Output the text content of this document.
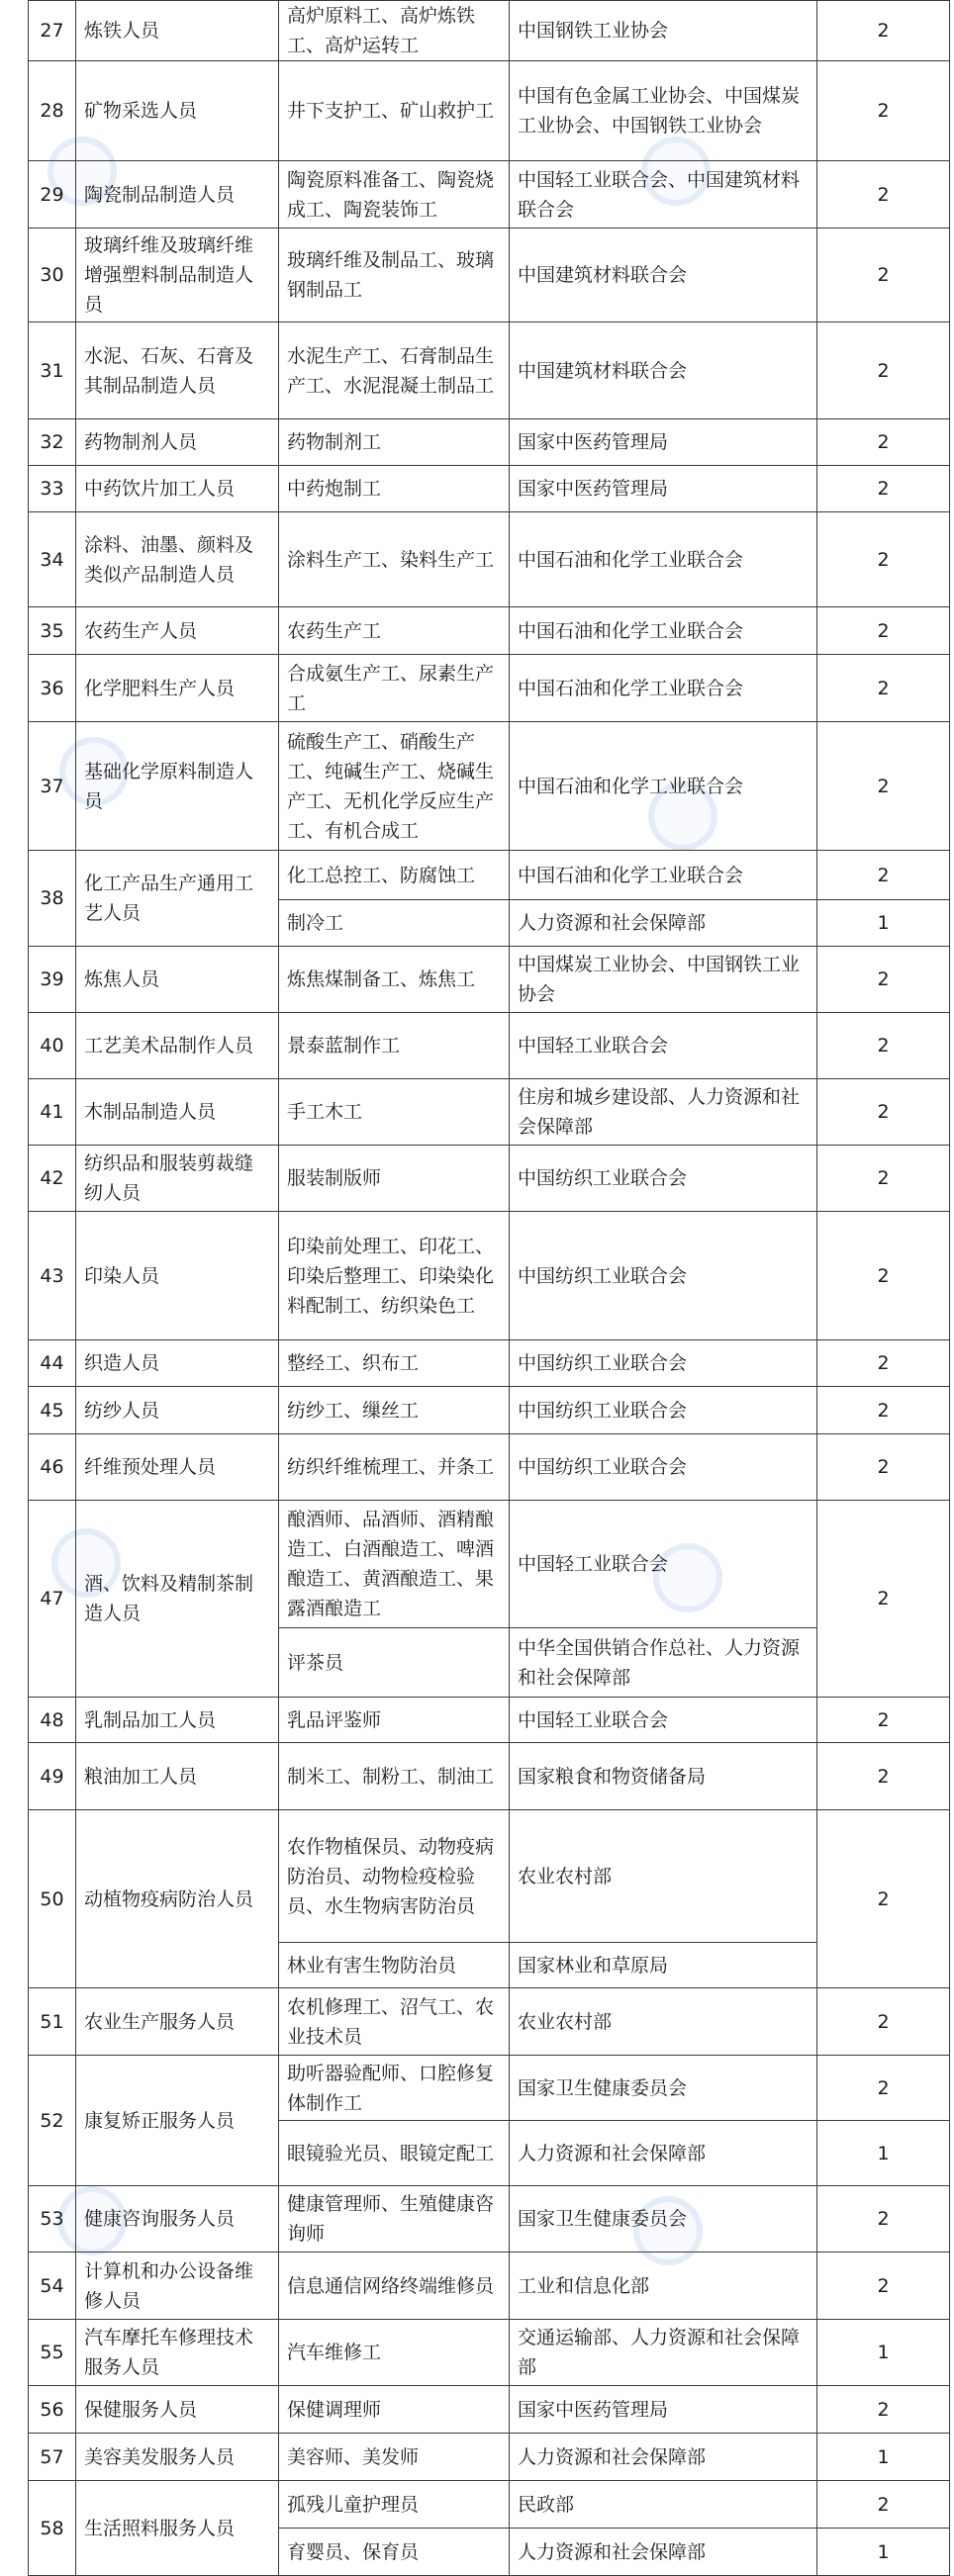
27	炼铁人员	高炉原料工、高炉炼铁工、高炉运转工	中国钢铁工业协会	2
28	矿物采选人员	井下支护工、矿山救护工	中国有色金属工业协会、中国煤炭工业协会、中国钢铁工业协会	2
29	陶瓷制品制造人员	陶瓷原料准备工、陶瓷烧成工、陶瓷装饰工	中国轻工业联合会、中国建筑材料联合会	2
30	玻璃纤维及玻璃纤维增强塑料制品制造人员	玻璃纤维及制品工、玻璃钢制品工	中国建筑材料联合会	2
31	水泥、石灰、石膏及其制品制造人员	水泥生产工、石膏制品生产工、水泥混凝土制品工	中国建筑材料联合会	2
32	药物制剂人员	药物制剂工	国家中医药管理局	2
33	中药饮片加工人员	中药炮制工	国家中医药管理局	2
34	涂料、油墨、颜料及类似产品制造人员	涂料生产工、染料生产工	中国石油和化学工业联合会	2
35	农药生产人员	农药生产工	中国石油和化学工业联合会	2
36	化学肥料生产人员	合成氨生产工、尿素生产工	中国石油和化学工业联合会	2
37	基础化学原料制造人员	硫酸生产工、硝酸生产工、纯碱生产工、烧碱生产工、无机化学反应生产工、有机合成工	中国石油和化学工业联合会	2
38	化工产品生产通用工艺人员	化工总控工、防腐蚀工	中国石油和化学工业联合会	2
		制冷工	人力资源和社会保障部	1
39	炼焦人员	炼焦煤制备工、炼焦工	中国煤炭工业协会、中国钢铁工业协会	2
40	工艺美术品制作人员	景泰蓝制作工	中国轻工业联合会	2
41	木制品制造人员	手工木工	住房和城乡建设部、人力资源和社会保障部	2
42	纺织品和服装剪裁缝纫人员	服装制版师	中国纺织工业联合会	2
43	印染人员	印染前处理工、印花工、印染后整理工、印染染化料配制工、纺织染色工	中国纺织工业联合会	2
44	织造人员	整经工、织布工	中国纺织工业联合会	2
45	纺纱人员	纺纱工、缫丝工	中国纺织工业联合会	2
46	纤维预处理人员	纺织纤维梳理工、并条工	中国纺织工业联合会	2
47	酒、饮料及精制茶制造人员	酿酒师、品酒师、酒精酿造工、白酒酿造工、啤酒酿造工、黄酒酿造工、果露酒酿造工	中国轻工业联合会	2
		评茶员	中华全国供销合作总社、人力资源和社会保障部	
48	乳制品加工人员	乳品评鉴师	中国轻工业联合会	2
49	粮油加工人员	制米工、制粉工、制油工	国家粮食和物资储备局	2
50	动植物疫病防治人员	农作物植保员、动物疫病防治员、动物检疫检验员、水生物病害防治员	农业农村部	2
		林业有害生物防治员	国家林业和草原局	
51	农业生产服务人员	农机修理工、沼气工、农业技术员	农业农村部	2
52	康复矫正服务人员	助听器验配师、口腔修复体制作工	国家卫生健康委员会	2
		眼镜验光员、眼镜定配工	人力资源和社会保障部	1
53	健康咨询服务人员	健康管理师、生殖健康咨询师	国家卫生健康委员会	2
54	计算机和办公设备维修人员	信息通信网络终端维修员	工业和信息化部	2
55	汽车摩托车修理技术服务人员	汽车维修工	交通运输部、人力资源和社会保障部	1
56	保健服务人员	保健调理师	国家中医药管理局	2
57	美容美发服务人员	美容师、美发师	人力资源和社会保障部	1
58	生活照料服务人员	孤残儿童护理员	民政部	2
		育婴员、保育员	人力资源和社会保障部	1
